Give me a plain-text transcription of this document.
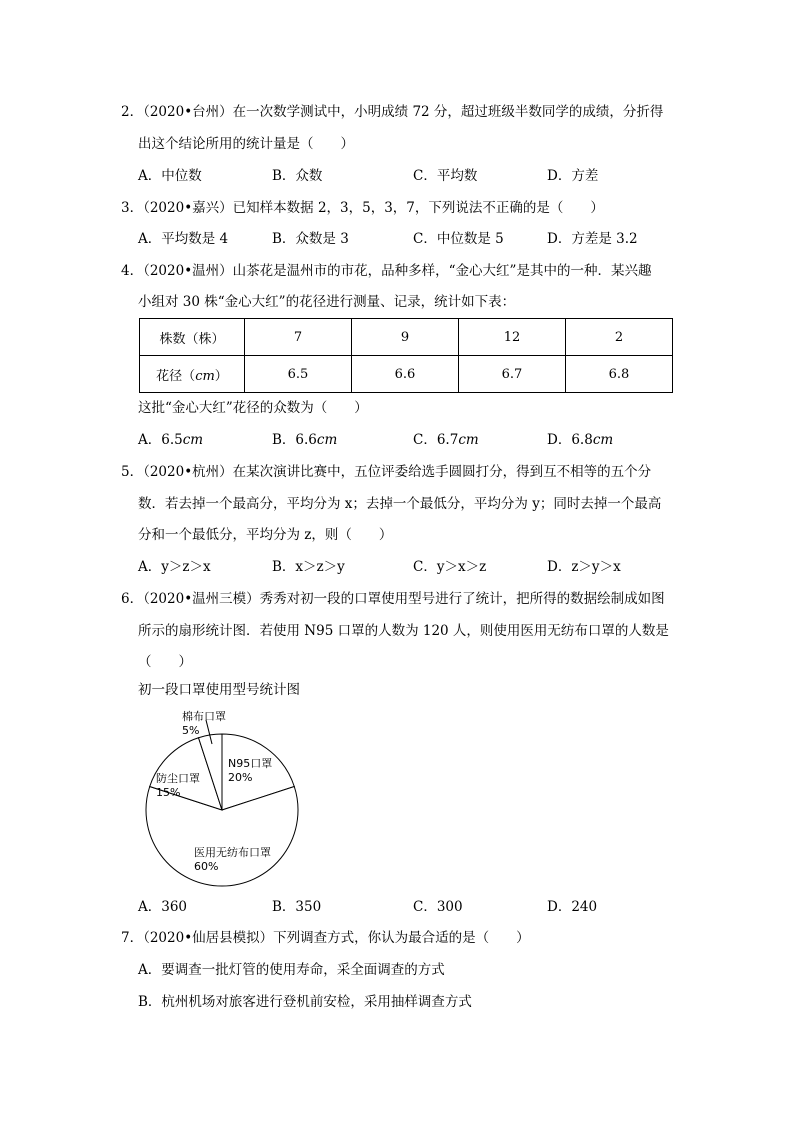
2．（2020•台州）在一次数学测试中，小明成绩 72 分，超过班级半数同学的成绩，分折得
出这个结论所用的统计量是（　　）
A．中位数	B．众数	C．平均数	D．方差
3．（2020•嘉兴）已知样本数据 2，3，5，3，7，下列说法不正确的是（　　）
A．平均数是 4	B．众数是 3	C．中位数是 5	D．方差是 3.2
4．（2020•温州）山茶花是温州市的市花，品种多样，“金心大红”是其中的一种．某兴趣
小组对 30 株“金心大红”的花径进行测量、记录，统计如下表：
株数（株）	7	9	12	2
花径（cm）	6.5	6.6	6.7	6.8
这批“金心大红”花径的众数为（　　）
A．6.5cm	B．6.6cm	C．6.7cm	D．6.8cm
5．（2020•杭州）在某次演讲比赛中，五位评委给选手圆圆打分，得到互不相等的五个分
数．若去掉一个最高分，平均分为 x；去掉一个最低分，平均分为 y；同时去掉一个最高
分和一个最低分，平均分为 z，则（　　）
A．y＞z＞x	B．x＞z＞y	C．y＞x＞z	D．z＞y＞x
6．（2020•温州三模）秀秀对初一段的口罩使用型号进行了统计，把所得的数据绘制成如图
所示的扇形统计图．若使用 N95 口罩的人数为 120 人，则使用医用无纺布口罩的人数是
（　　）
初一段口罩使用型号统计图
N95口罩
20%
医用无纺布口罩
60%
防尘口罩
15%
棉布口罩
5%
A．360	B．350	C．300	D．240
7．（2020•仙居县模拟）下列调查方式，你认为最合适的是（　　）
A．要调查一批灯管的使用寿命，采全面调查的方式
B．杭州机场对旅客进行登机前安检，采用抽样调查方式
